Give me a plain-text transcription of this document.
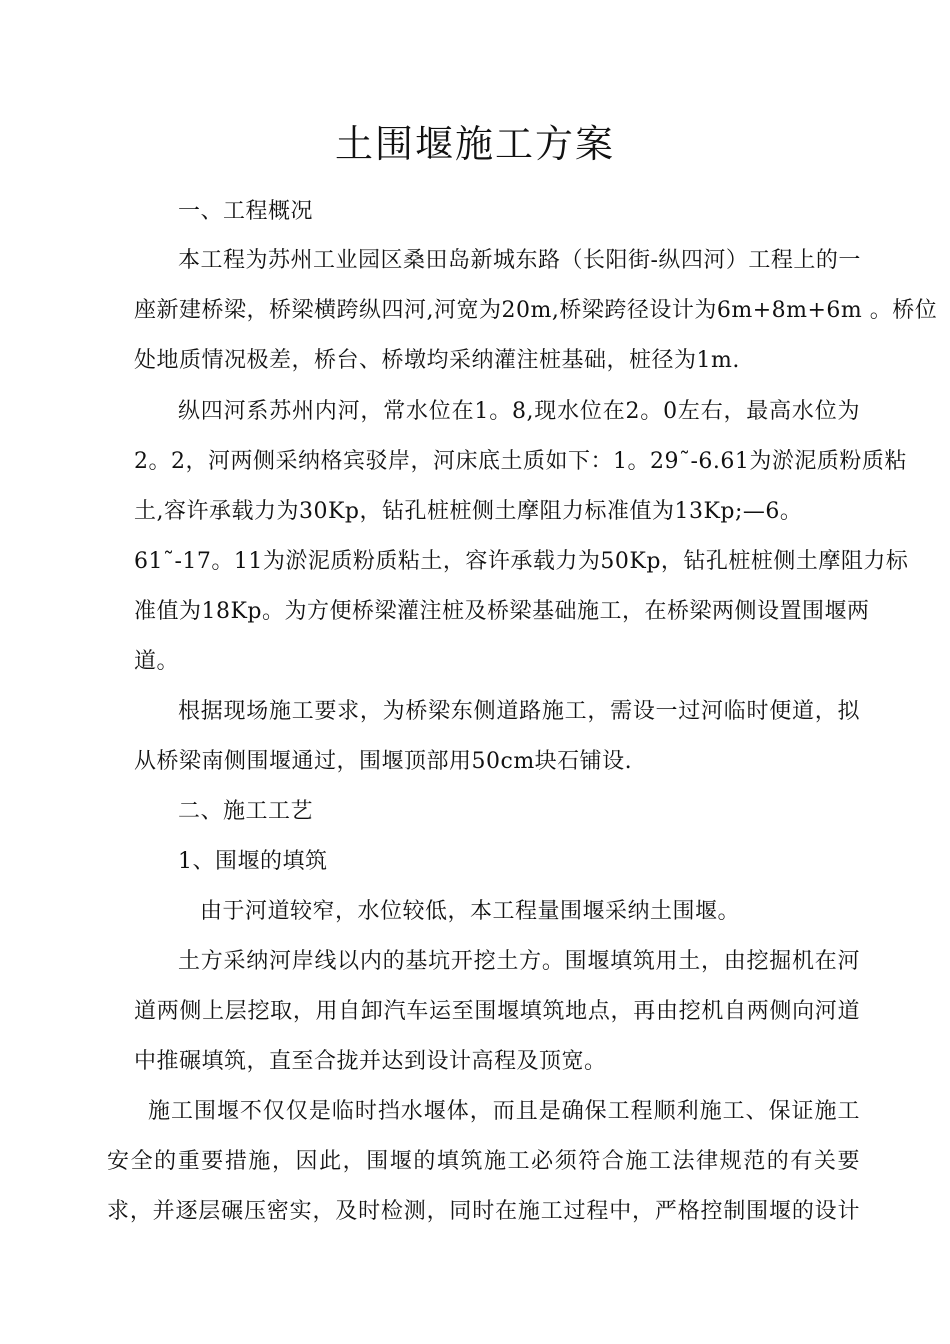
土围堰施工方案
一、工程概况
本工程为苏州工业园区桑田岛新城东路（长阳街-纵四河）工程上的一
座新建桥梁，桥梁横跨纵四河,河宽为20m,桥梁跨径设计为6m+8m+6m 。桥位
处地质情况极差，桥台、桥墩均采纳灌注桩基础，桩径为1m.
纵四河系苏州内河，常水位在1。8,现水位在2。0左右，最高水位为
2。2，河两侧采纳格宾驳岸，河床底土质如下：1。29˜-6.61为淤泥质粉质粘
土,容许承载力为30Kp，钻孔桩桩侧土摩阻力标准值为13Kp;—6。
61˜-17。11为淤泥质粉质粘土，容许承载力为50Kp，钻孔桩桩侧土摩阻力标
准值为18Kp。为方便桥梁灌注桩及桥梁基础施工，在桥梁两侧设置围堰两
道。
根据现场施工要求，为桥梁东侧道路施工，需设一过河临时便道，拟
从桥梁南侧围堰通过，围堰顶部用50cm块石铺设.
二、施工工艺
1、围堰的填筑
由于河道较窄，水位较低，本工程量围堰采纳土围堰。
土方采纳河岸线以内的基坑开挖土方。围堰填筑用土，由挖掘机在河
道两侧上层挖取，用自卸汽车运至围堰填筑地点，再由挖机自两侧向河道
中推碾填筑，直至合拢并达到设计高程及顶宽。
施工围堰不仅仅是临时挡水堰体，而且是确保工程顺利施工、保证施工
安全的重要措施，因此，围堰的填筑施工必须符合施工法律规范的有关要
求，并逐层碾压密实，及时检测，同时在施工过程中，严格控制围堰的设计
